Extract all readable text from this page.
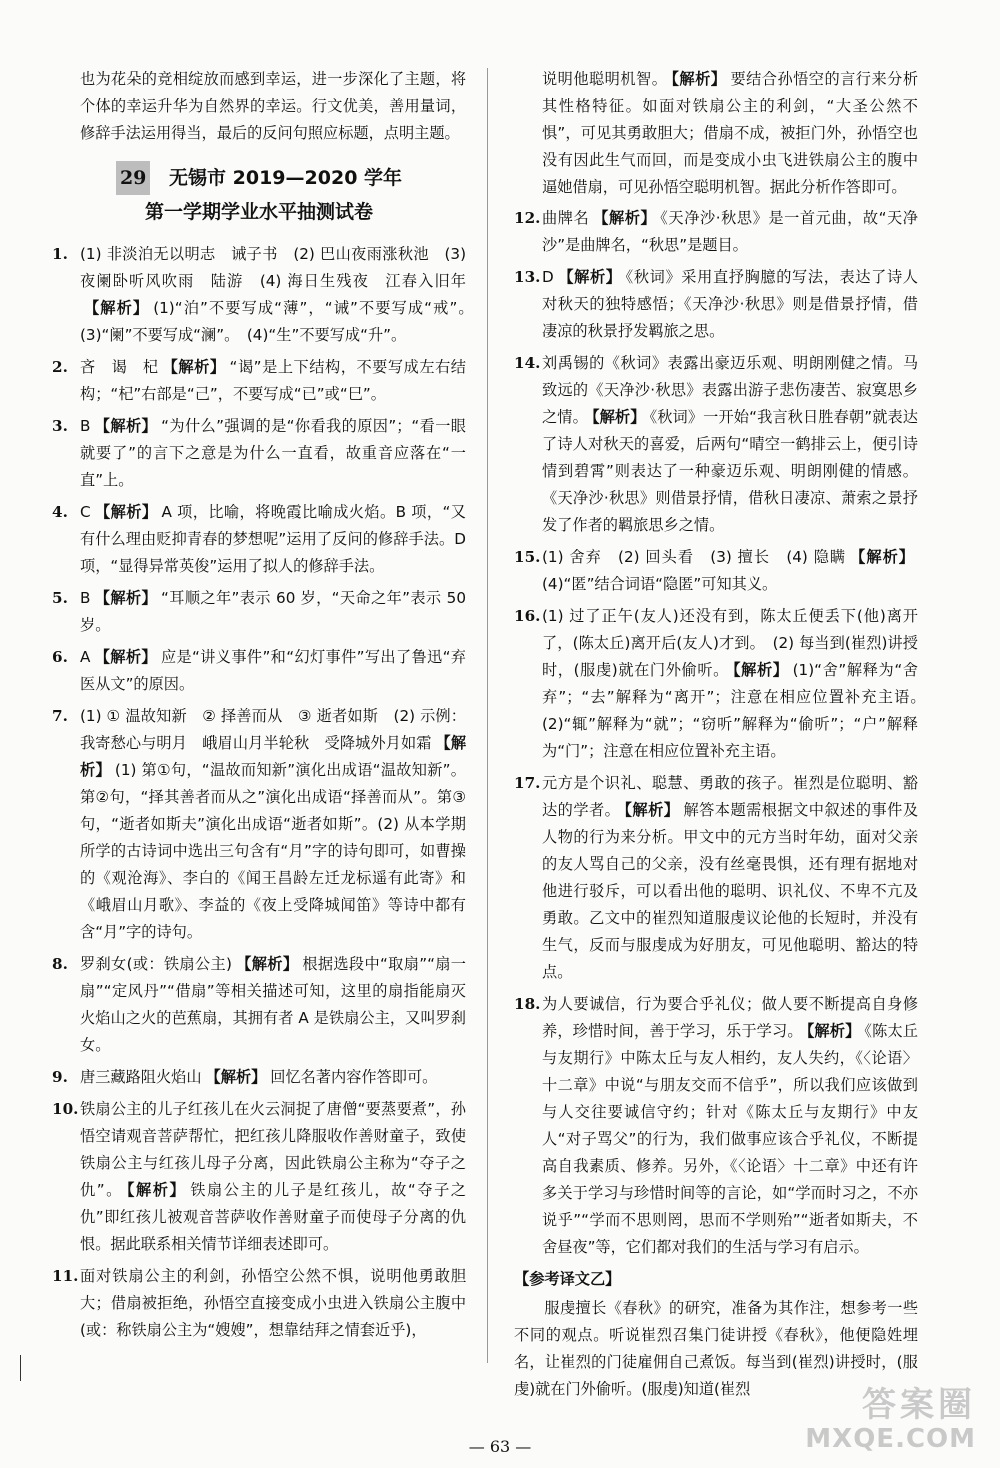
也为花朵的竞相绽放而感到幸运，进一步深化了主题，将个体的幸运升华为自然界的幸运。行文优美，善用量词，修辞手法运用得当，最后的反问句照应标题，点明主题。

29 无锡市 2019—2020 学年
第一学期学业水平抽测试卷
1. (1) 非淡泊无以明志　诫子书　(2) 巴山夜雨涨秋池　(3) 夜阑卧听风吹雨　陆游　(4) 海日生残夜　江春入旧年【解析】 (1)“泊”不要写成“薄”，“诫”不要写成“戒”。　(3)“阑”不要写成“澜”。　(4)“生”不要写成“升”。
2. 吝　谒　杞 【解析】 “谒”是上下结构，不要写成左右结构；“杞”右部是“己”，不要写成“已”或“巳”。
3. B 【解析】 “为什么”强调的是“你看我的原因”；“看一眼就要了”的言下之意是为什么一直看，故重音应落在“一直”上。
4. C 【解析】 A 项，比喻，将晚霞比喻成火焰。B 项，“又有什么理由贬抑青春的梦想呢”运用了反问的修辞手法。D 项，“显得异常英俊”运用了拟人的修辞手法。
5. B 【解析】 “耳顺之年”表示 60 岁，“天命之年”表示 50 岁。
6. A 【解析】 应是“讲义事件”和“幻灯事件”写出了鲁迅“弃医从文”的原因。
7. (1) ① 温故知新　② 择善而从　③ 逝者如斯　(2) 示例：我寄愁心与明月　峨眉山月半轮秋　受降城外月如霜 【解析】 (1) 第①句，“温故而知新”演化出成语“温故知新”。第②句，“择其善者而从之”演化出成语“择善而从”。第③句，“逝者如斯夫”演化出成语“逝者如斯”。(2) 从本学期所学的古诗词中选出三句含有“月”字的诗句即可，如曹操的《观沧海》、李白的《闻王昌龄左迁龙标遥有此寄》和《峨眉山月歌》、李益的《夜上受降城闻笛》等诗中都有含“月”字的诗句。
8. 罗刹女(或：铁扇公主) 【解析】 根据选段中“取扇”“扇一扇”“定风丹”“借扇”等相关描述可知，这里的扇指能扇灭火焰山之火的芭蕉扇，其拥有者 A 是铁扇公主，又叫罗刹女。
9. 唐三藏路阻火焰山 【解析】 回忆名著内容作答即可。
10. 铁扇公主的儿子红孩儿在火云洞捉了唐僧“要蒸要煮”，孙悟空请观音菩萨帮忙，把红孩儿降服收作善财童子，致使铁扇公主与红孩儿母子分离，因此铁扇公主称为“夺子之仇”。 【解析】 铁扇公主的儿子是红孩儿，故“夺子之仇”即红孩儿被观音菩萨收作善财童子而使母子分离的仇恨。据此联系相关情节详细表述即可。
11. 面对铁扇公主的利剑，孙悟空公然不惧，说明他勇敢胆大；借扇被拒绝，孙悟空直接变成小虫进入铁扇公主腹中(或：称铁扇公主为“嫂嫂”，想靠结拜之情套近乎)，

说明他聪明机智。 【解析】 要结合孙悟空的言行来分析其性格特征。如面对铁扇公主的利剑，“大圣公然不惧”，可见其勇敢胆大；借扇不成，被拒门外，孙悟空也没有因此生气而回，而是变成小虫飞进铁扇公主的腹中逼她借扇，可见孙悟空聪明机智。据此分析作答即可。

12. 曲牌名 【解析】 《天净沙·秋思》是一首元曲，故“天净沙”是曲牌名，“秋思”是题目。
13. D 【解析】 《秋词》采用直抒胸臆的写法，表达了诗人对秋天的独特感悟；《天净沙·秋思》则是借景抒情，借凄凉的秋景抒发羁旅之思。
14. 刘禹锡的《秋词》表露出豪迈乐观、明朗刚健之情。马致远的《天净沙·秋思》表露出游子悲伤凄苦、寂寞思乡之情。 【解析】 《秋词》一开始“我言秋日胜春朝”就表达了诗人对秋天的喜爱，后两句“晴空一鹤排云上，便引诗情到碧霄”则表达了一种豪迈乐观、明朗刚健的情感。《天净沙·秋思》则借景抒情，借秋日凄凉、萧索之景抒发了作者的羁旅思乡之情。
15. (1) 舍弃　(2) 回头看　(3) 擅长　(4) 隐瞒 【解析】(4)“匿”结合词语“隐匿”可知其义。
16. (1) 过了正午(友人)还没有到，陈太丘便丢下(他)离开了，(陈太丘)离开后(友人)才到。　(2) 每当到(崔烈)讲授时，(服虔)就在门外偷听。 【解析】 (1)“舍”解释为“舍弃”；“去”解释为“离开”；注意在相应位置补充主语。　(2)“辄”解释为“就”；“窃听”解释为“偷听”；“户”解释为“门”；注意在相应位置补充主语。
17. 元方是个识礼、聪慧、勇敢的孩子。崔烈是位聪明、豁达的学者。 【解析】 解答本题需根据文中叙述的事件及人物的行为来分析。甲文中的元方当时年幼，面对父亲的友人骂自己的父亲，没有丝毫畏惧，还有理有据地对他进行驳斥，可以看出他的聪明、识礼仪、不卑不亢及勇敢。乙文中的崔烈知道服虔议论他的长短时，并没有生气，反而与服虔成为好朋友，可见他聪明、豁达的特点。
18. 为人要诚信，行为要合乎礼仪；做人要不断提高自身修养，珍惜时间，善于学习，乐于学习。 【解析】 《陈太丘与友期行》中陈太丘与友人相约，友人失约，《〈论语〉十二章》中说“与朋友交而不信乎”，所以我们应该做到与人交往要诚信守约；针对《陈太丘与友期行》中友人“对子骂父”的行为，我们做事应该合乎礼仪，不断提高自我素质、修养。另外，《〈论语〉十二章》中还有许多关于学习与珍惜时间等的言论，如“学而时习之，不亦说乎”“学而不思则罔，思而不学则殆”“逝者如斯夫，不舍昼夜”等，它们都对我们的生活与学习有启示。
【参考译文乙】

服虔擅长《春秋》的研究，准备为其作注，想参考一些不同的观点。听说崔烈召集门徒讲授《春秋》，他便隐姓埋名，让崔烈的门徒雇佣自己煮饭。每当到(崔烈)讲授时，(服虔)就在门外偷听。(服虔)知道(崔烈

— 63 —
答案圈
MXQE.COM
